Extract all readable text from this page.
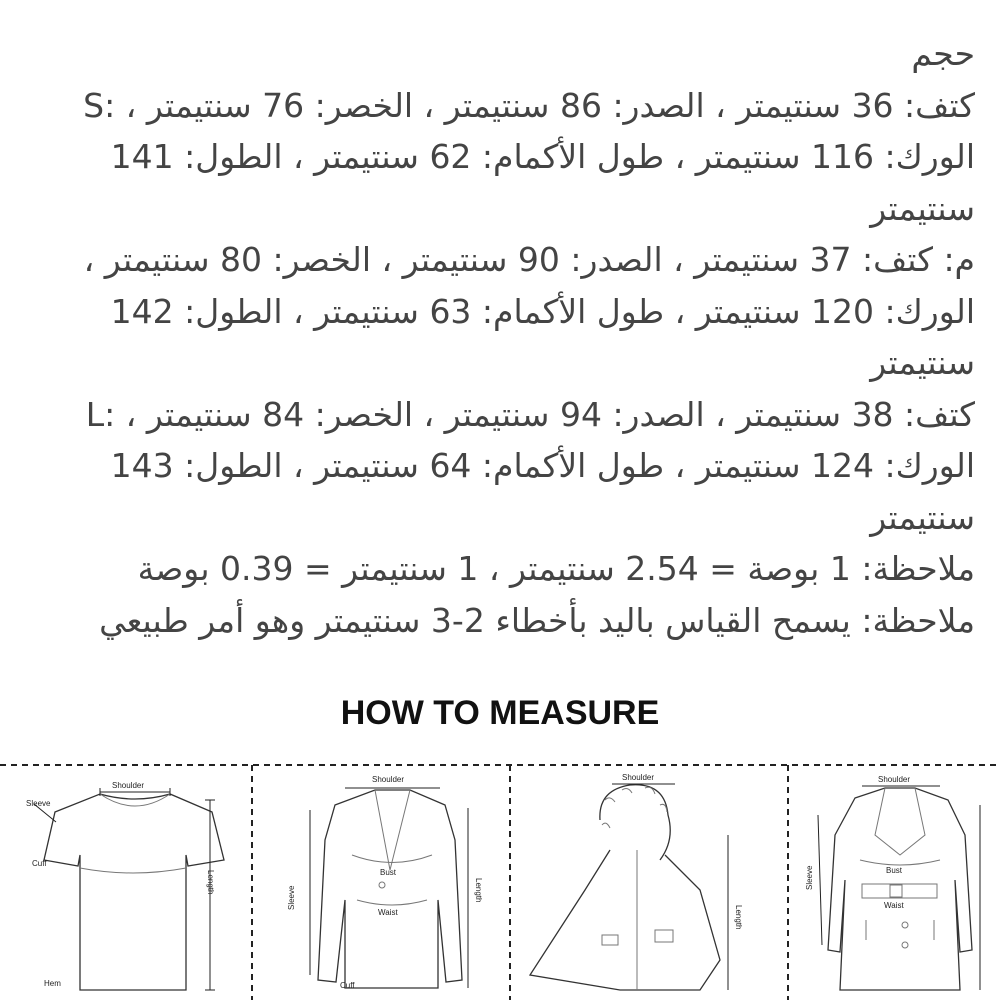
حجم
كتف: 36 سنتيمتر ، الصدر: 86 سنتيمتر ، الخصر: 76 سنتيمتر ، :S
الورك: 116 سنتيمتر ، طول الأكمام: 62 سنتيمتر ، الطول: 141
سنتيمتر
م: كتف: 37 سنتيمتر ، الصدر: 90 سنتيمتر ، الخصر: 80 سنتيمتر ،
الورك: 120 سنتيمتر ، طول الأكمام: 63 سنتيمتر ، الطول: 142
سنتيمتر
كتف: 38 سنتيمتر ، الصدر: 94 سنتيمتر ، الخصر: 84 سنتيمتر ، :L
الورك: 124 سنتيمتر ، طول الأكمام: 64 سنتيمتر ، الطول: 143
سنتيمتر
ملاحظة: 1 بوصة = 2.54 سنتيمتر ، 1 سنتيمتر = 0.39 بوصة
ملاحظة: يسمح القياس باليد بأخطاء 2-3 سنتيمتر وهو أمر طبيعي
HOW TO MEASURE
Shoulder
Sleeve
Cuff
Length
Hem
Shoulder
Sleeve
Bust
Waist
Length
Cuff
Shoulder
Length
Shoulder
Sleeve	Bust
Waist
